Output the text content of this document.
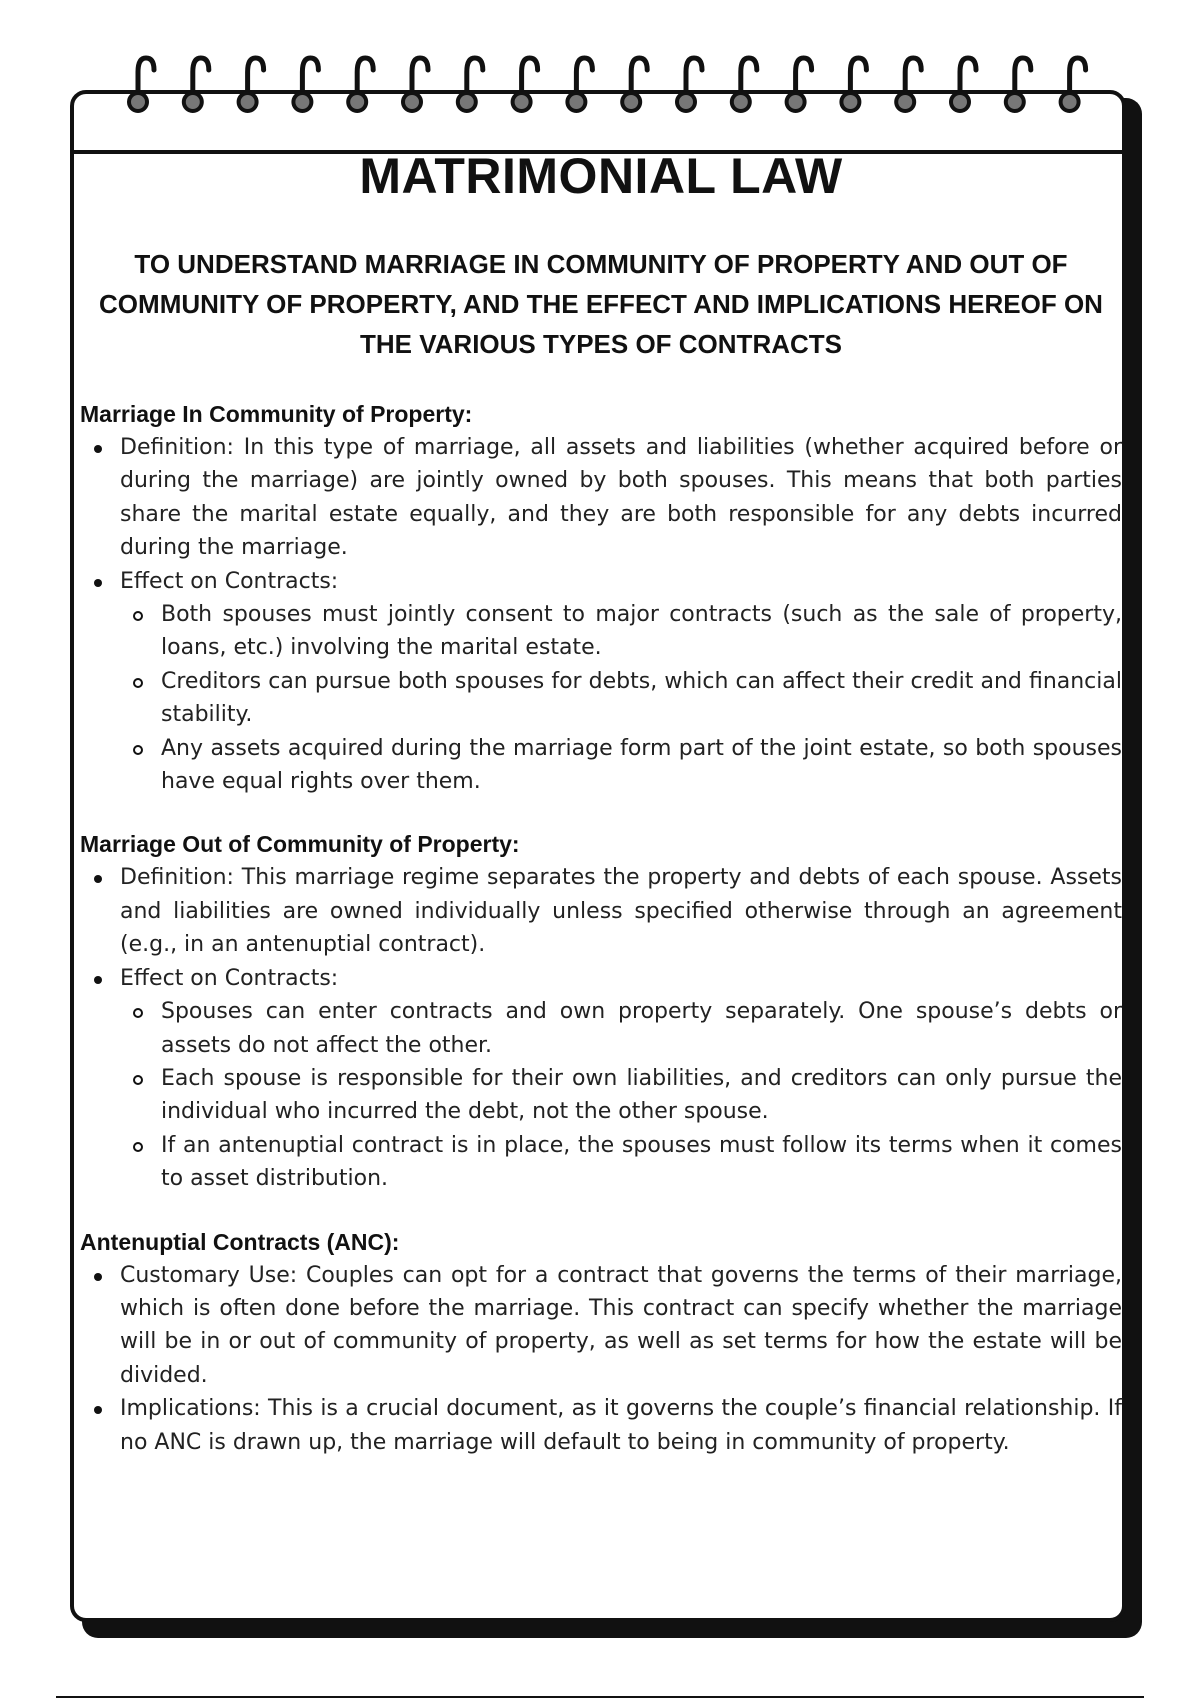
MATRIMONIAL LAW
TO UNDERSTAND MARRIAGE IN COMMUNITY OF PROPERTY AND OUT OF COMMUNITY OF PROPERTY, AND THE EFFECT AND IMPLICATIONS HEREOF ON THE VARIOUS TYPES OF CONTRACTS
Marriage In Community of Property:
Definition: In this type of marriage, all assets and liabilities (whether acquired before or during the marriage) are jointly owned by both spouses. This means that both parties share the marital estate equally, and they are both responsible for any debts incurred during the marriage.
Effect on Contracts:
Both spouses must jointly consent to major contracts (such as the sale of property, loans, etc.) involving the marital estate.
Creditors can pursue both spouses for debts, which can affect their credit and financial stability.
Any assets acquired during the marriage form part of the joint estate, so both spouses have equal rights over them.
Marriage Out of Community of Property:
Definition: This marriage regime separates the property and debts of each spouse. Assets and liabilities are owned individually unless specified otherwise through an agreement (e.g., in an antenuptial contract).
Effect on Contracts:
Spouses can enter contracts and own property separately. One spouse’s debts or assets do not affect the other.
Each spouse is responsible for their own liabilities, and creditors can only pursue the individual who incurred the debt, not the other spouse.
If an antenuptial contract is in place, the spouses must follow its terms when it comes to asset distribution.
Antenuptial Contracts (ANC):
Customary Use: Couples can opt for a contract that governs the terms of their marriage, which is often done before the marriage. This contract can specify whether the marriage will be in or out of community of property, as well as set terms for how the estate will be divided.
Implications: This is a crucial document, as it governs the couple’s financial relationship. If no ANC is drawn up, the marriage will default to being in community of property.
